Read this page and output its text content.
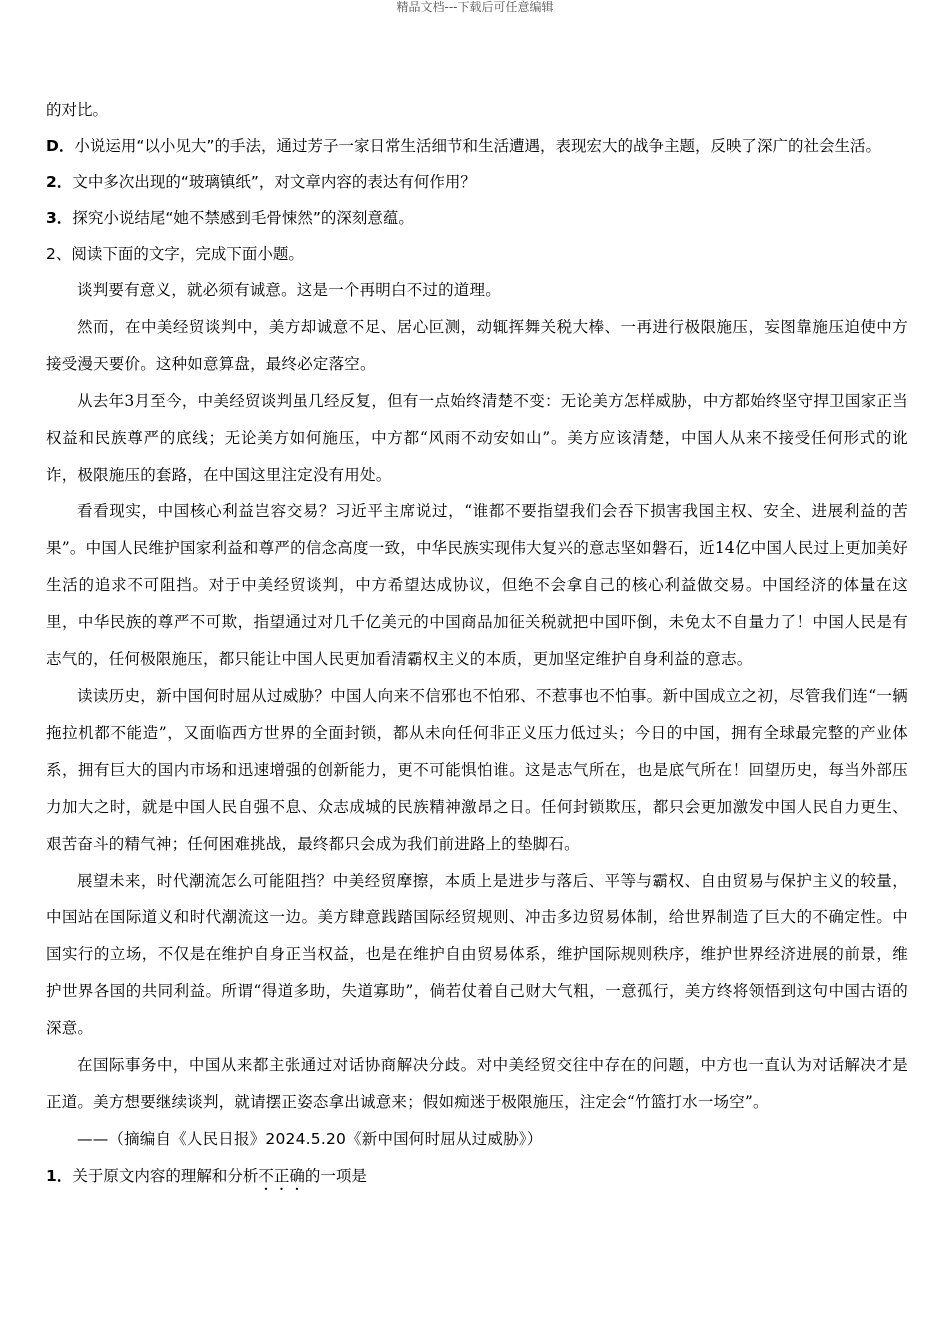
精品文档---下载后可任意编辑

的对比。

D．小说运用“以小见大”的手法，通过芳子一家日常生活细节和生活遭遇，表现宏大的战争主题，反映了深广的社会生活。

2．文中多次出现的“玻璃镇纸”，对文章内容的表达有何作用？

3．探究小说结尾“她不禁感到毛骨悚然”的深刻意蕴。

2、阅读下面的文字，完成下面小题。

谈判要有意义，就必须有诚意。这是一个再明白不过的道理。

然而，在中美经贸谈判中，美方却诚意不足、居心叵测，动辄挥舞关税大棒、一再进行极限施压，妄图靠施压迫使中方接受漫天要价。这种如意算盘，最终必定落空。

从去年3月至今，中美经贸谈判虽几经反复，但有一点始终清楚不变：无论美方怎样威胁，中方都始终坚守捍卫国家正当权益和民族尊严的底线；无论美方如何施压，中方都“风雨不动安如山”。美方应该清楚，中国人从来不接受任何形式的讹诈，极限施压的套路，在中国这里注定没有用处。

看看现实，中国核心利益岂容交易？习近平主席说过，“谁都不要指望我们会吞下损害我国主权、安全、进展利益的苦果”。中国人民维护国家利益和尊严的信念高度一致，中华民族实现伟大复兴的意志坚如磐石，近14亿中国人民过上更加美好生活的追求不可阻挡。对于中美经贸谈判，中方希望达成协议，但绝不会拿自己的核心利益做交易。中国经济的体量在这里，中华民族的尊严不可欺，指望通过对几千亿美元的中国商品加征关税就把中国吓倒，未免太不自量力了！中国人民是有志气的，任何极限施压，都只能让中国人民更加看清霸权主义的本质，更加坚定维护自身利益的意志。

读读历史，新中国何时屈从过威胁？中国人向来不信邪也不怕邪、不惹事也不怕事。新中国成立之初，尽管我们连“一辆拖拉机都不能造”，又面临西方世界的全面封锁，都从未向任何非正义压力低过头；今日的中国，拥有全球最完整的产业体系，拥有巨大的国内市场和迅速增强的创新能力，更不可能惧怕谁。这是志气所在，也是底气所在！回望历史，每当外部压力加大之时，就是中国人民自强不息、众志成城的民族精神激昂之日。任何封锁欺压，都只会更加激发中国人民自力更生、艰苦奋斗的精气神；任何困难挑战，最终都只会成为我们前进路上的垫脚石。

展望未来，时代潮流怎么可能阻挡？中美经贸摩擦，本质上是进步与落后、平等与霸权、自由贸易与保护主义的较量，中国站在国际道义和时代潮流这一边。美方肆意践踏国际经贸规则、冲击多边贸易体制，给世界制造了巨大的不确定性。中国实行的立场，不仅是在维护自身正当权益，也是在维护自由贸易体系，维护国际规则秩序，维护世界经济进展的前景，维护世界各国的共同利益。所谓“得道多助，失道寡助”，倘若仗着自己财大气粗，一意孤行，美方终将领悟到这句中国古语的深意。

在国际事务中，中国从来都主张通过对话协商解决分歧。对中美经贸交往中存在的问题，中方也一直认为对话解决才是正道。美方想要继续谈判，就请摆正姿态拿出诚意来；假如痴迷于极限施压，注定会“竹篮打水一场空”。

——（摘编自《人民日报》2024.5.20《新中国何时屈从过威胁》）

1．关于原文内容的理解和分析不正确的一项是
